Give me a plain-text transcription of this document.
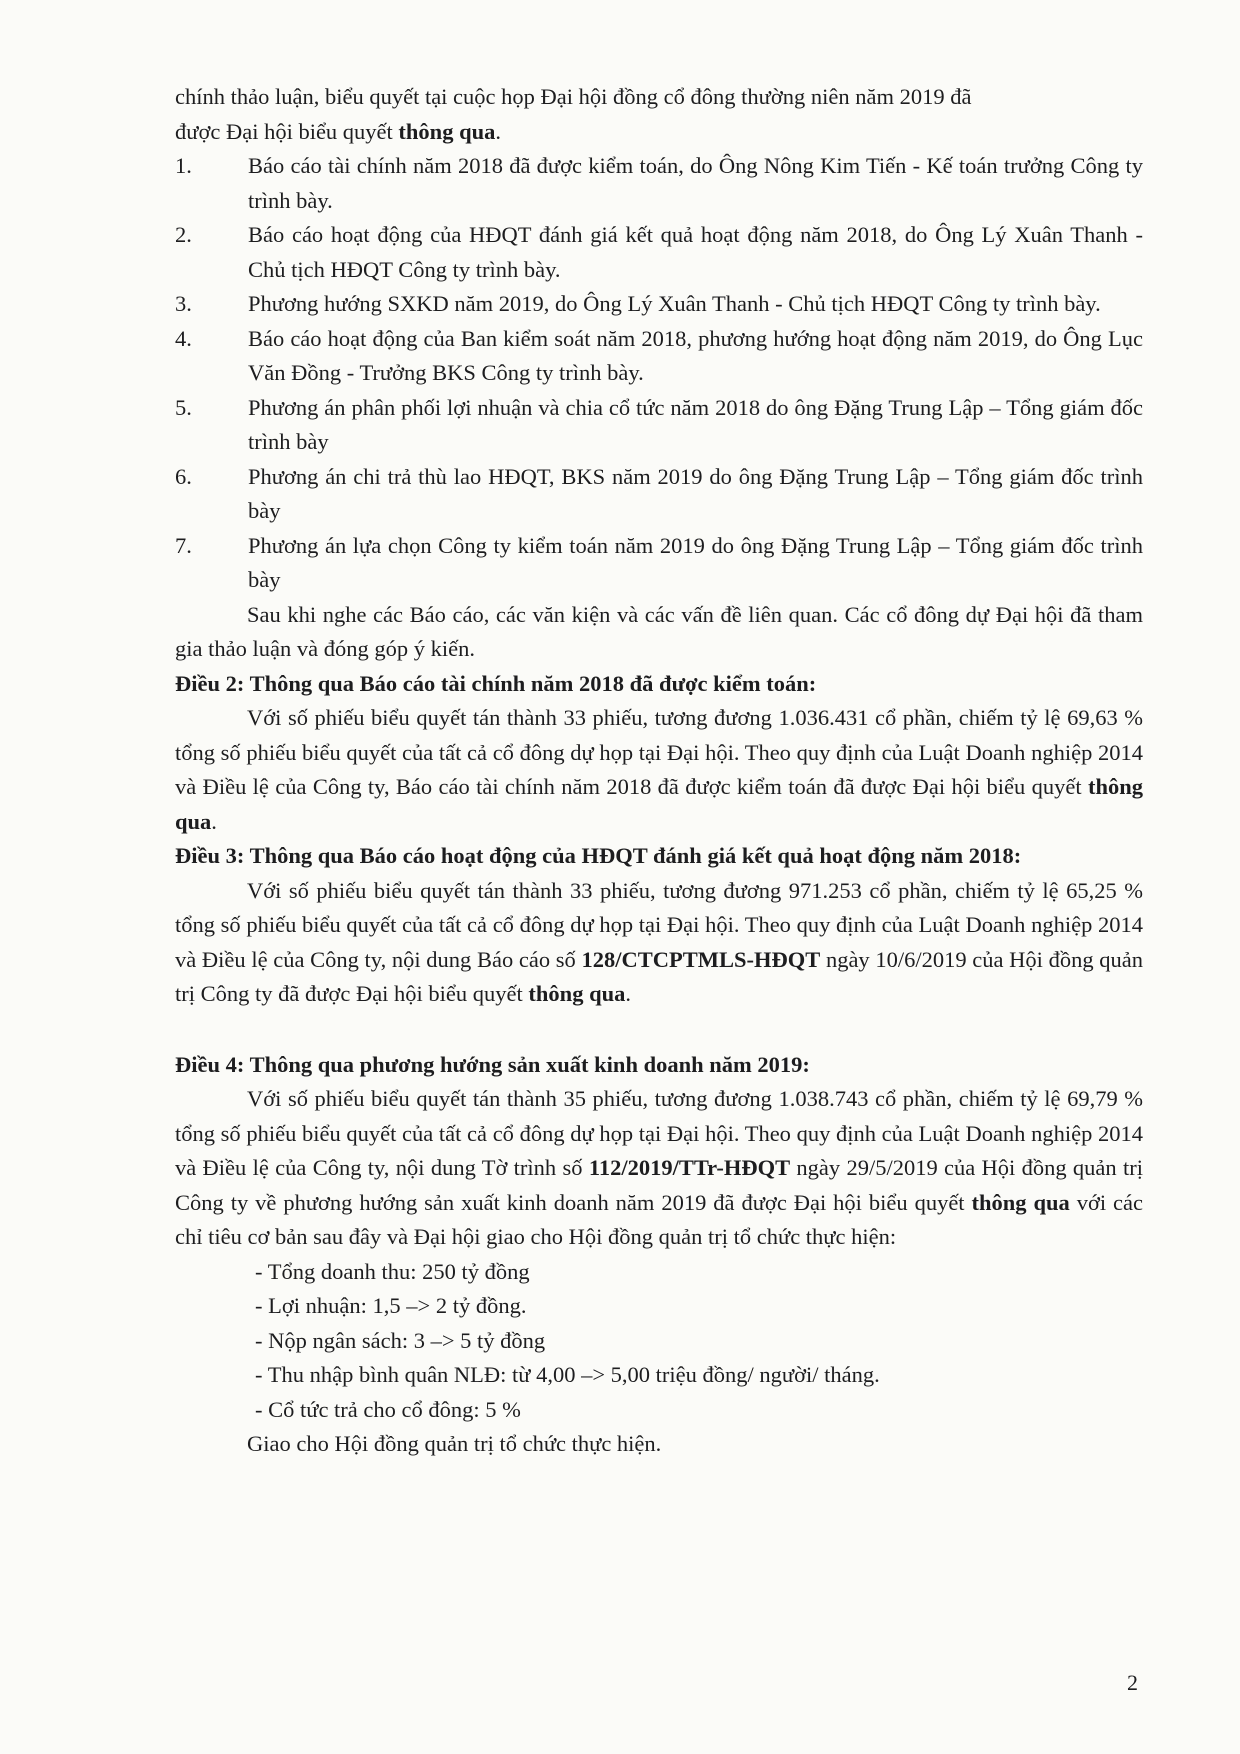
chính thảo luận, biểu quyết tại cuộc họp Đại hội đồng cổ đông thường niên năm 2019 đã
được Đại hội biểu quyết thông qua.

1.	Báo cáo tài chính năm 2018 đã được kiểm toán, do Ông Nông Kim Tiến - Kế toán trưởng Công ty trình bày.
2.	Báo cáo hoạt động của HĐQT đánh giá kết quả hoạt động năm 2018, do Ông Lý Xuân Thanh - Chủ tịch HĐQT Công ty trình bày.
3.	Phương hướng SXKD năm 2019, do Ông Lý Xuân Thanh - Chủ tịch HĐQT Công ty trình bày.
4.	Báo cáo hoạt động của Ban kiểm soát năm 2018, phương hướng hoạt động năm 2019, do Ông Lục Văn Đồng - Trưởng BKS Công ty trình bày.
5.	Phương án phân phối lợi nhuận và chia cổ tức năm 2018 do ông Đặng Trung Lập – Tổng giám đốc trình bày
6.	Phương án chi trả thù lao HĐQT, BKS năm 2019 do ông Đặng Trung Lập – Tổng giám đốc trình bày
7.	Phương án lựa chọn Công ty kiểm toán năm 2019 do ông Đặng Trung Lập – Tổng giám đốc trình bày

Sau khi nghe các Báo cáo, các văn kiện và các vấn đề liên quan. Các cổ đông dự Đại hội đã tham gia thảo luận và đóng góp ý kiến.

Điều 2: Thông qua Báo cáo tài chính năm 2018 đã được kiểm toán:

Với số phiếu biểu quyết tán thành 33 phiếu, tương đương 1.036.431 cổ phần, chiếm tỷ lệ 69,63 % tổng số phiếu biểu quyết của tất cả cổ đông dự họp tại Đại hội. Theo quy định của Luật Doanh nghiệp 2014 và Điều lệ của Công ty, Báo cáo tài chính năm 2018 đã được kiểm toán đã được Đại hội biểu quyết thông qua.

Điều 3: Thông qua Báo cáo hoạt động của HĐQT đánh giá kết quả hoạt động năm 2018:

Với số phiếu biểu quyết tán thành 33 phiếu, tương đương 971.253 cổ phần, chiếm tỷ lệ 65,25 % tổng số phiếu biểu quyết của tất cả cổ đông dự họp tại Đại hội. Theo quy định của Luật Doanh nghiệp 2014 và Điều lệ của Công ty, nội dung Báo cáo số 128/CTCPTMLS-HĐQT ngày 10/6/2019 của Hội đồng quản trị Công ty đã được Đại hội biểu quyết thông qua.

Điều 4: Thông qua phương hướng sản xuất kinh doanh năm 2019:

Với số phiếu biểu quyết tán thành 35 phiếu, tương đương 1.038.743 cổ phần, chiếm tỷ lệ 69,79 % tổng số phiếu biểu quyết của tất cả cổ đông dự họp tại Đại hội. Theo quy định của Luật Doanh nghiệp 2014 và Điều lệ của Công ty, nội dung Tờ trình số 112/2019/TTr-HĐQT ngày 29/5/2019 của Hội đồng quản trị Công ty về phương hướng sản xuất kinh doanh năm 2019 đã được Đại hội biểu quyết thông qua với các chỉ tiêu cơ bản sau đây và Đại hội giao cho Hội đồng quản trị tổ chức thực hiện:

- Tổng doanh thu: 250 tỷ đồng

- Lợi nhuận: 1,5 –> 2 tỷ đồng.

- Nộp ngân sách: 3 –> 5 tỷ đồng

- Thu nhập bình quân NLĐ: từ 4,00 –> 5,00 triệu đồng/ người/ tháng.

- Cổ tức trả cho cổ đông: 5 %

Giao cho Hội đồng quản trị tổ chức thực hiện.

2
